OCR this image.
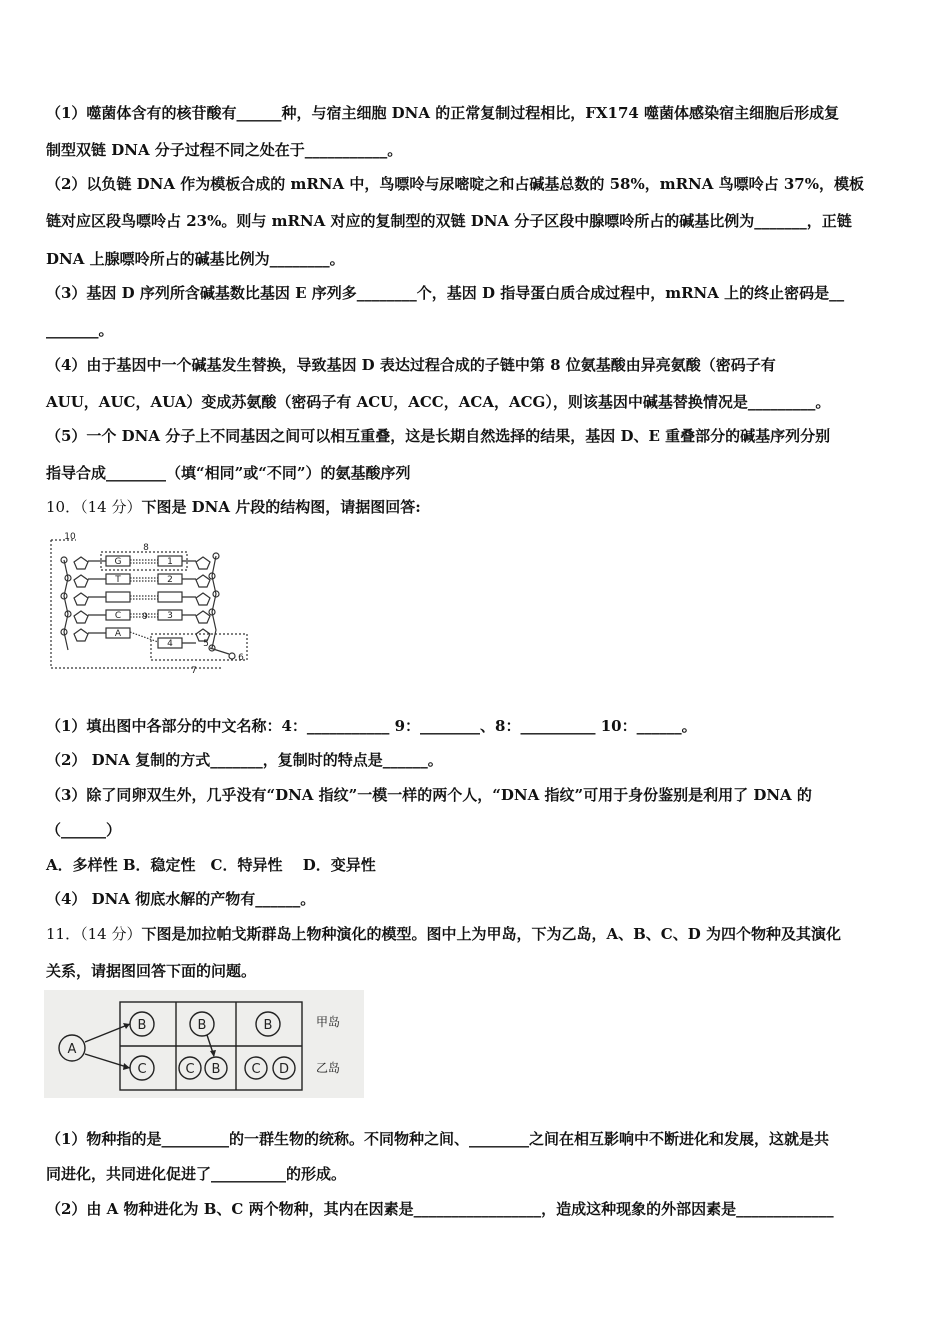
（1）噬菌体含有的核苷酸有______种，与宿主细胞 DNA 的正常复制过程相比，FX174 噬菌体感染宿主细胞后形成复
制型双链 DNA 分子过程不同之处在于___________。
（2）以负链 DNA 作为模板合成的 mRNA 中，鸟嘌呤与尿嘧啶之和占碱基总数的 58%，mRNA 鸟嘌呤占 37%，模板
链对应区段鸟嘌呤占 23%。则与 mRNA 对应的复制型的双链 DNA 分子区段中腺嘌呤所占的碱基比例为_______，正链
DNA 上腺嘌呤所占的碱基比例为________。
（3）基因 D 序列所含碱基数比基因 E 序列多________个，基因 D 指导蛋白质合成过程中，mRNA 上的终止密码是__
_______。
（4）由于基因中一个碱基发生替换，导致基因 D 表达过程合成的子链中第 8 位氨基酸由异亮氨酸（密码子有
AUU，AUC，AUA）变成苏氨酸（密码子有 ACU，ACC，ACA，ACG），则该基因中碱基替换情况是_________。
（5）一个 DNA 分子上不同基因之间可以相互重叠，这是长期自然选择的结果，基因 D、E 重叠部分的碱基序列分别
指导合成________（填“相同”或“不同”）的氨基酸序列
10．（14 分）下图是 DNA 片段的结构图，请据图回答:
10
8
G	1
T	2
C 9 3
A
4	5
6
7
（1）填出图中各部分的中文名称：4：___________ 9：________、8：__________ 10：______。
（2） DNA 复制的方式_______，复制时的特点是______。
（3）除了同卵双生外，几乎没有“DNA 指纹”一模一样的两个人，“DNA 指纹”可用于身份鉴别是利用了 DNA 的
（______）
A．多样性 B．稳定性　C．特异性　 D．变异性
（4） DNA 彻底水解的产物有______。
11．（14 分）下图是加拉帕戈斯群岛上物种演化的模型。图中上为甲岛，下为乙岛，A、B、C、D 为四个物种及其演化
关系，请据图回答下面的问题。
A
B	B	B
C	C B C D
甲岛
乙岛
（1）物种指的是_________的一群生物的统称。不同物种之间、________之间在相互影响中不断进化和发展，这就是共
同进化，共同进化促进了__________的形成。
（2）由 A 物种进化为 B、C 两个物种，其内在因素是_________________，造成这种现象的外部因素是_____________
